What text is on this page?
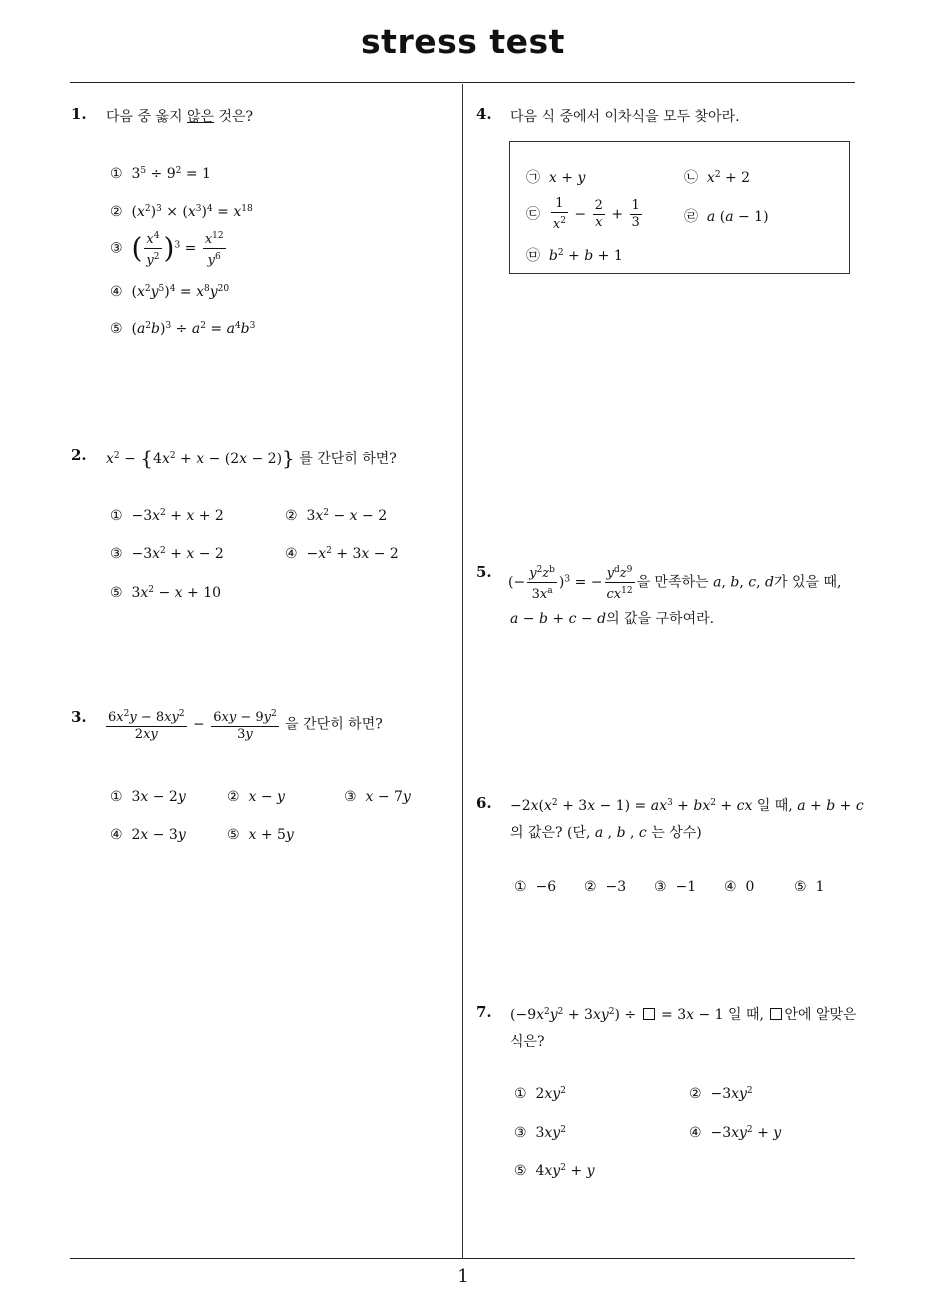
stress test
1
1. 다음 중 옳지 않은 것은?
①  $3^5 \div 9^2 = 1$
②  $(x^2)^3 \times (x^3)^4 = x^{18}$
③ ( $\frac{x^4}{y^2} )^3 = \frac{x^{12}}{y^6}$
④  $(x^2y^5)^4 = x^8y^{20}$
⑤  $(a^2b)^3 \div a^2 = a^4b^3$
2. $x^2 - \{4x^2 + x - (2x - 2)\}$ 를 간단히 하면?
①  $-3x^2 + x + 2$	②  $3x^2 - x - 2$
③  $-3x^2 + x - 2$	④  $-x^2 + 3x - 2$
⑤  $3x^2 - x + 10$
3. $\frac{6x^2y - 8xy^2}{2xy} - \frac{6xy - 9y^2}{3y}$ 을 간단히 하면?
①  3x − 2y	② x − y	③ x − 7y
④  2x − 3y	⑤ x + 5y
4. 다음 식 중에서 이차식을 모두 찾아라.
㉠ x + y	㉡ $x^2 + 2$
㉢ $\frac{1}{x^2} - \frac{2}{x} + \frac{1}{3}$	㉣ a (a − 1)
㉤ $b^2 + b + 1$
5.
(− $\frac{y^2z^b}{3x^a} )^3$ = − $\frac{y^dz^9}{cx^{12}}$ 을 만족하는 a, b, c, d가 있을 때,
a − b + c − d의 값을 구하여라.
6. $-2x(x^2 + 3x - 1) = ax^3 + bx^2$ + cx 일 때, a + b + c
의 값은? (단, a , b , c 는 상수)
① −6 ② −3 ③ −1 ④ 0	⑤ 1
7. $(-9x^2y^2 + 3xy^2)$ ÷  = 3x − 1 일 때, 안에 알맞은
식은?
①  $2xy^2$	②  $-3xy^2$
③  $3xy^2$	④  $-3xy^2 + y$
⑤  $4xy^2 + y$
